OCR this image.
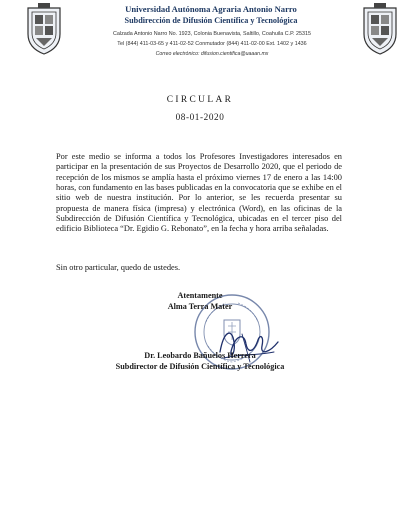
Universidad Autónoma Agraria Antonio Narro
Subdirección de Difusión Científica y Tecnológica
Calzada Antonio Narro No. 1923, Colonia Buenavista, Saltillo, Coahuila C.P. 25315
Tel (844) 411-03-65 y 411-02-52 Conmutador (844) 411-02-00 Ext. 1402 y 1436
Correo electrónico: difusion.cientifica@uaaan.mx
CIRCULAR
08-01-2020

Por este medio se informa a todos los Profesores Investigadores interesados en participar en la presentación de sus Proyectos de Desarrollo 2020, que el periodo de recepción de los mismos se amplía hasta el próximo viernes 17 de enero a las 14:00 horas, con fundamento en las bases publicadas en la convocatoria que se exhibe en el sitio web de nuestra institución. Por lo anterior, se les recuerda presentar su propuesta de manera física (impresa) y electrónica (Word), en las oficinas de la Subdirección de Difusión Científica y Tecnológica, ubicadas en el tercer piso del edificio Biblioteca “Dr. Egidio G. Rebonato”, en la fecha y hora arriba señaladas.

Sin otro particular, quedo de ustedes.

Atentamente
Alma Terra Mater
Dr. Leobardo Bañuelos Herrera
Subdirector de Difusión Científica y Tecnológica
